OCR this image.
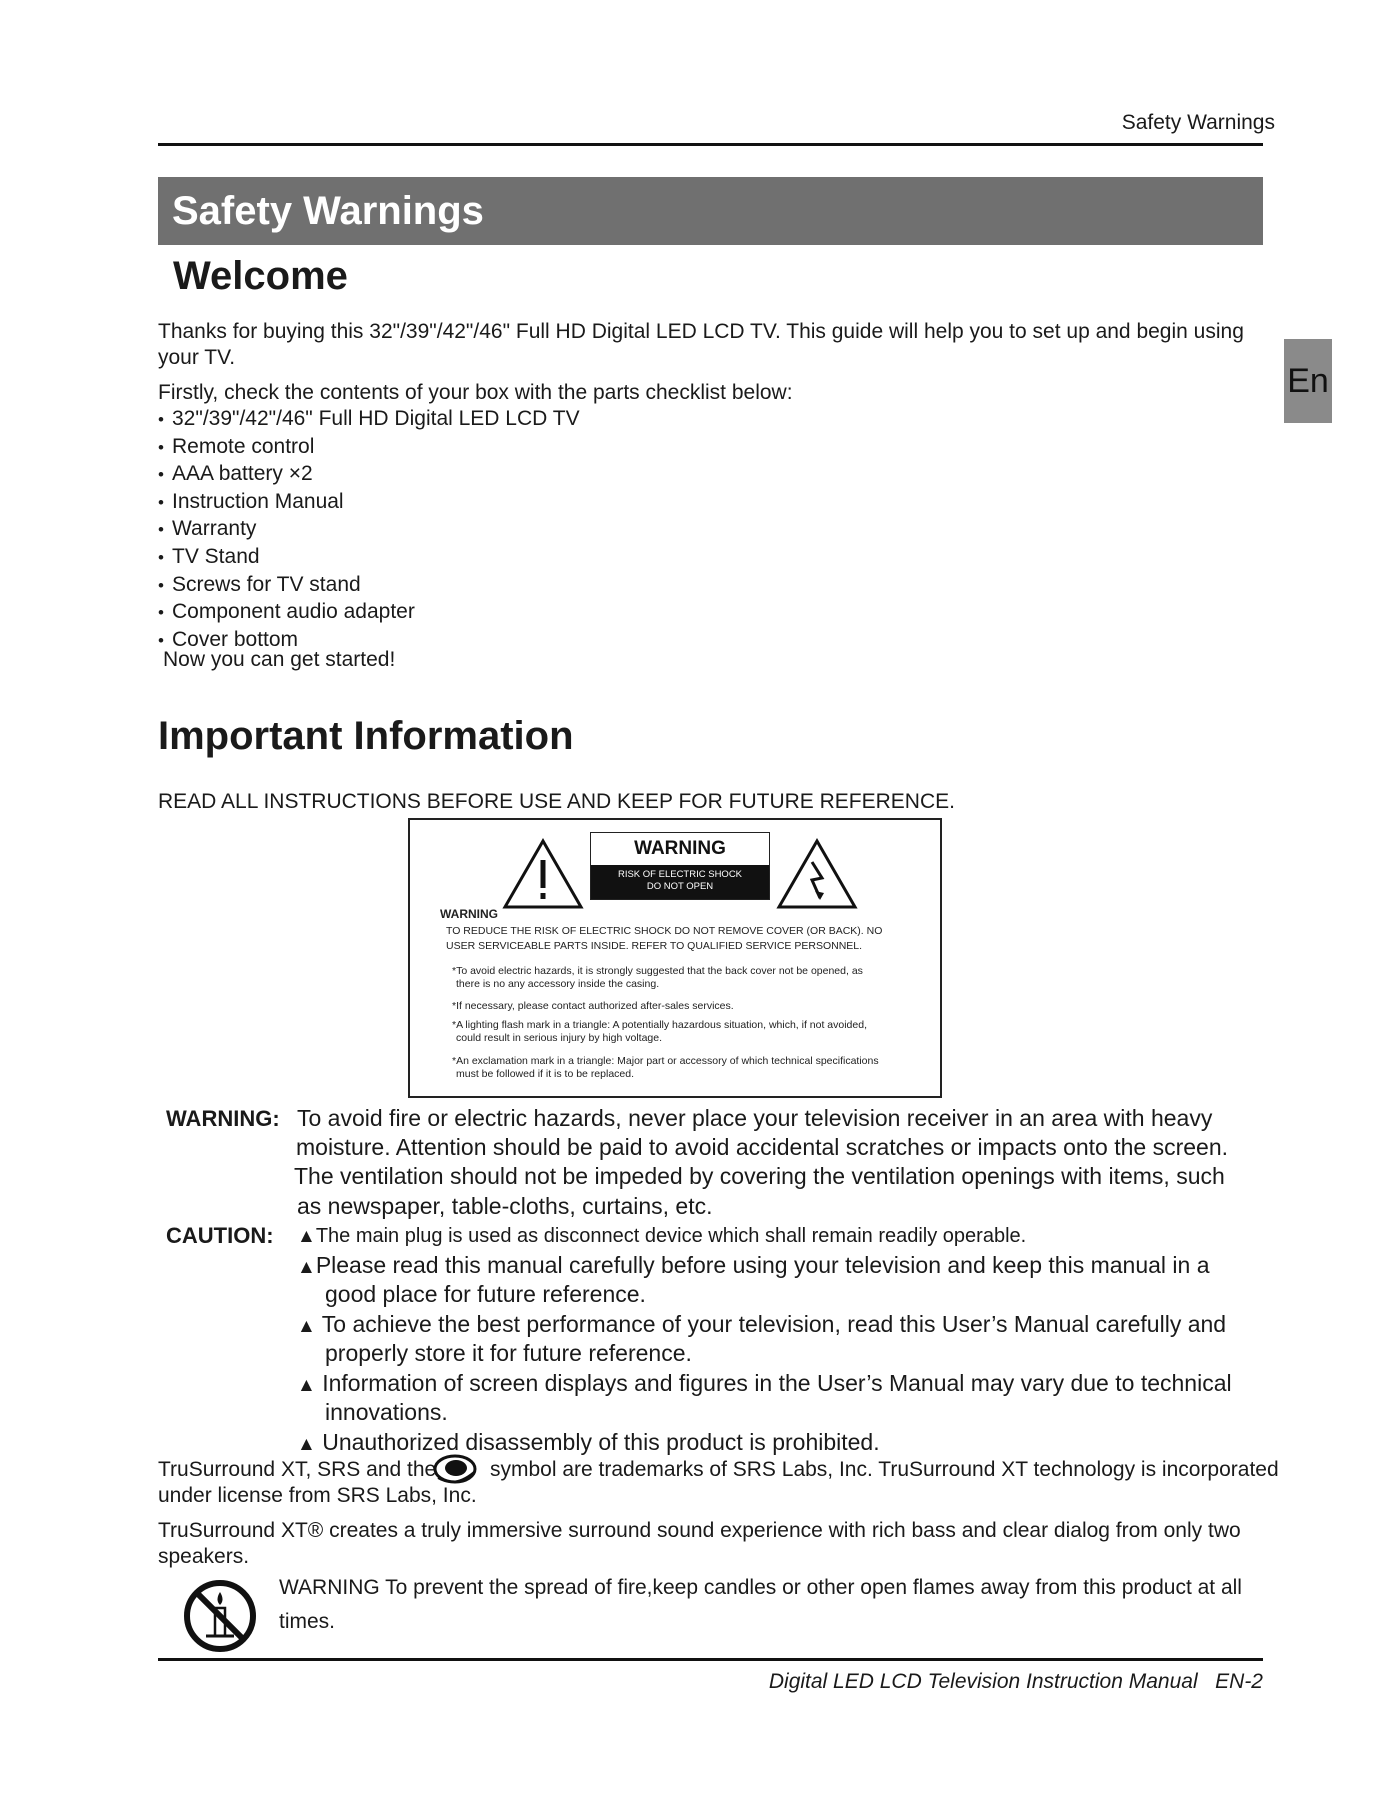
Safety Warnings
Safety Warnings
En
Welcome
Thanks for buying this 32"/39"/42"/46" Full HD Digital LED LCD TV. This guide will help you to set up and begin using
your TV.
Firstly, check the contents of your box with the parts checklist below:
• 32"/39"/42"/46" Full HD Digital LED LCD TV
• Remote control
• AAA battery ×2
• Instruction Manual
• Warranty
• TV Stand
• Screws for TV stand
• Component audio adapter
• Cover bottom
Now you can get started!
Important Information
READ ALL INSTRUCTIONS BEFORE USE AND KEEP FOR FUTURE REFERENCE.
WARNING
RISK OF ELECTRIC SHOCK
DO NOT OPEN
WARNING
TO REDUCE THE RISK OF ELECTRIC SHOCK DO NOT REMOVE COVER (OR BACK). NO
USER SERVICEABLE PARTS INSIDE. REFER TO QUALIFIED SERVICE PERSONNEL.
*To avoid electric hazards, it is strongly suggested that the back cover not be opened, as
there is no any accessory inside the casing.
*If necessary, please contact authorized after-sales services.
*A lighting flash mark in a triangle: A potentially hazardous situation, which, if not avoided,
could result in serious injury by high voltage.
*An exclamation mark in a triangle: Major part or accessory of which technical specifications
must be followed if it is to be replaced.
WARNING: To avoid fire or electric hazards, never place your television receiver in an area with heavy
moisture. Attention should be paid to avoid accidental scratches or impacts onto the screen.
The ventilation should not be impeded by covering the ventilation openings with items, such
as newspaper, table-cloths, curtains, etc.
CAUTION: ▲The main plug is used as disconnect device which shall remain readily operable.
▲Please read this manual carefully before using your television and keep this manual in a
good place for future reference.
▲ To achieve the best performance of your television, read this User’s Manual carefully and
properly store it for future reference.
▲ Information of screen displays and figures in the User’s Manual may vary due to technical
innovations.
▲ Unauthorized disassembly of this product is prohibited.
TruSurround XT, SRS and the	symbol are trademarks of SRS Labs, Inc. TruSurround XT technology is incorporated
under license from SRS Labs, Inc.
TruSurround XT® creates a truly immersive surround sound experience with rich bass and clear dialog from only two
speakers.
WARNING To prevent the spread of fire,keep candles or other open flames away from this product at all
times.
Digital LED LCD Television Instruction Manual EN-2
